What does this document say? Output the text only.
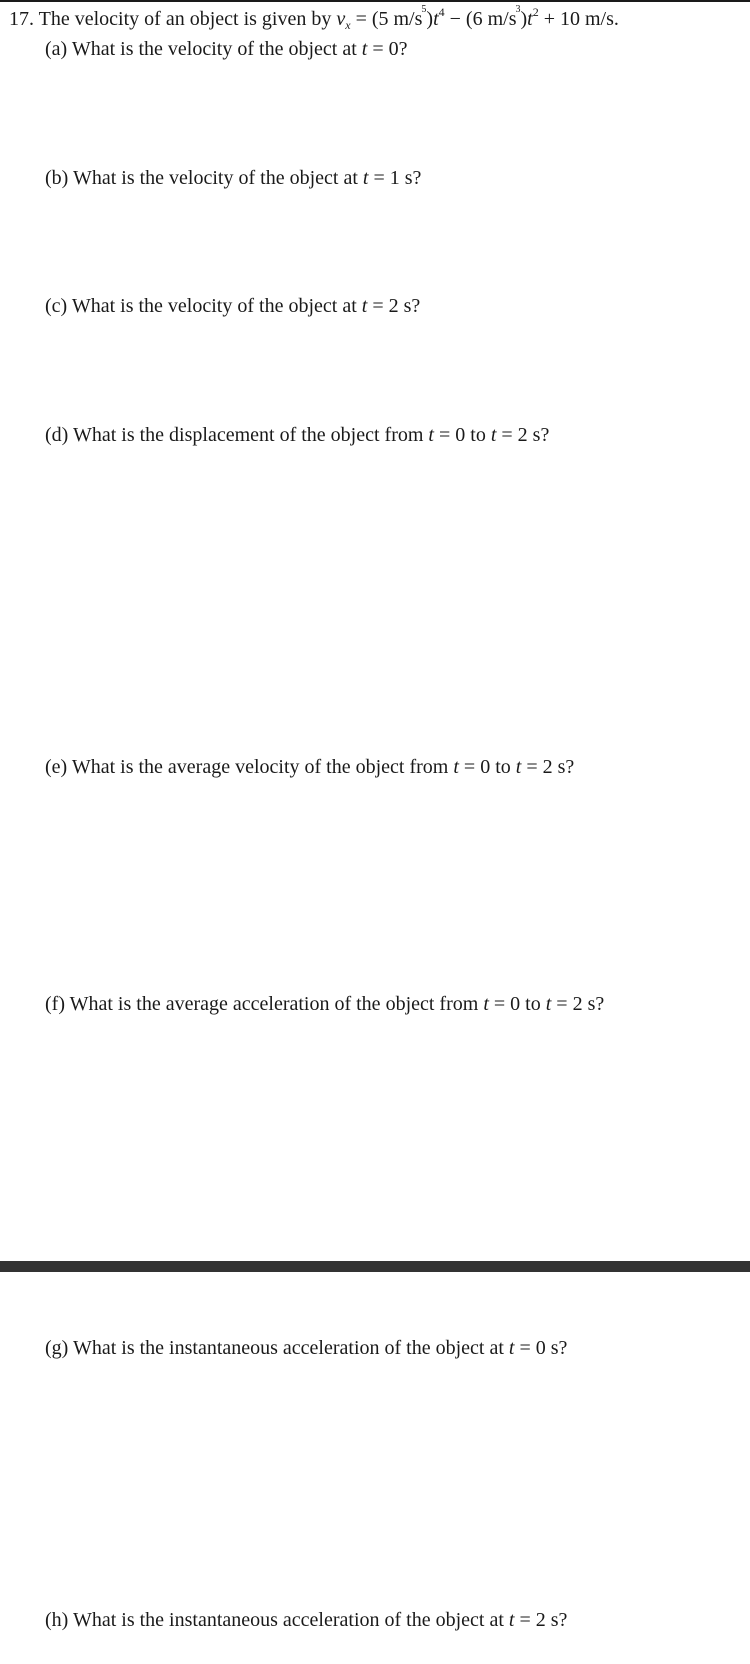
17. The velocity of an object is given by $v_x = (5$ $m/s^5)t^4 - (6$ $m/s^3)t^2 + 10$ m/s.
(a) What is the velocity of the object at t = 0?
(b) What is the velocity of the object at t = 1 s?
(c) What is the velocity of the object at t = 2 s?
(d) What is the displacement of the object from t = 0 to t = 2 s?
(e) What is the average velocity of the object from t = 0 to t = 2 s?
(f) What is the average acceleration of the object from t = 0 to t = 2 s?
(g) What is the instantaneous acceleration of the object at t = 0 s?
(h) What is the instantaneous acceleration of the object at t = 2 s?
